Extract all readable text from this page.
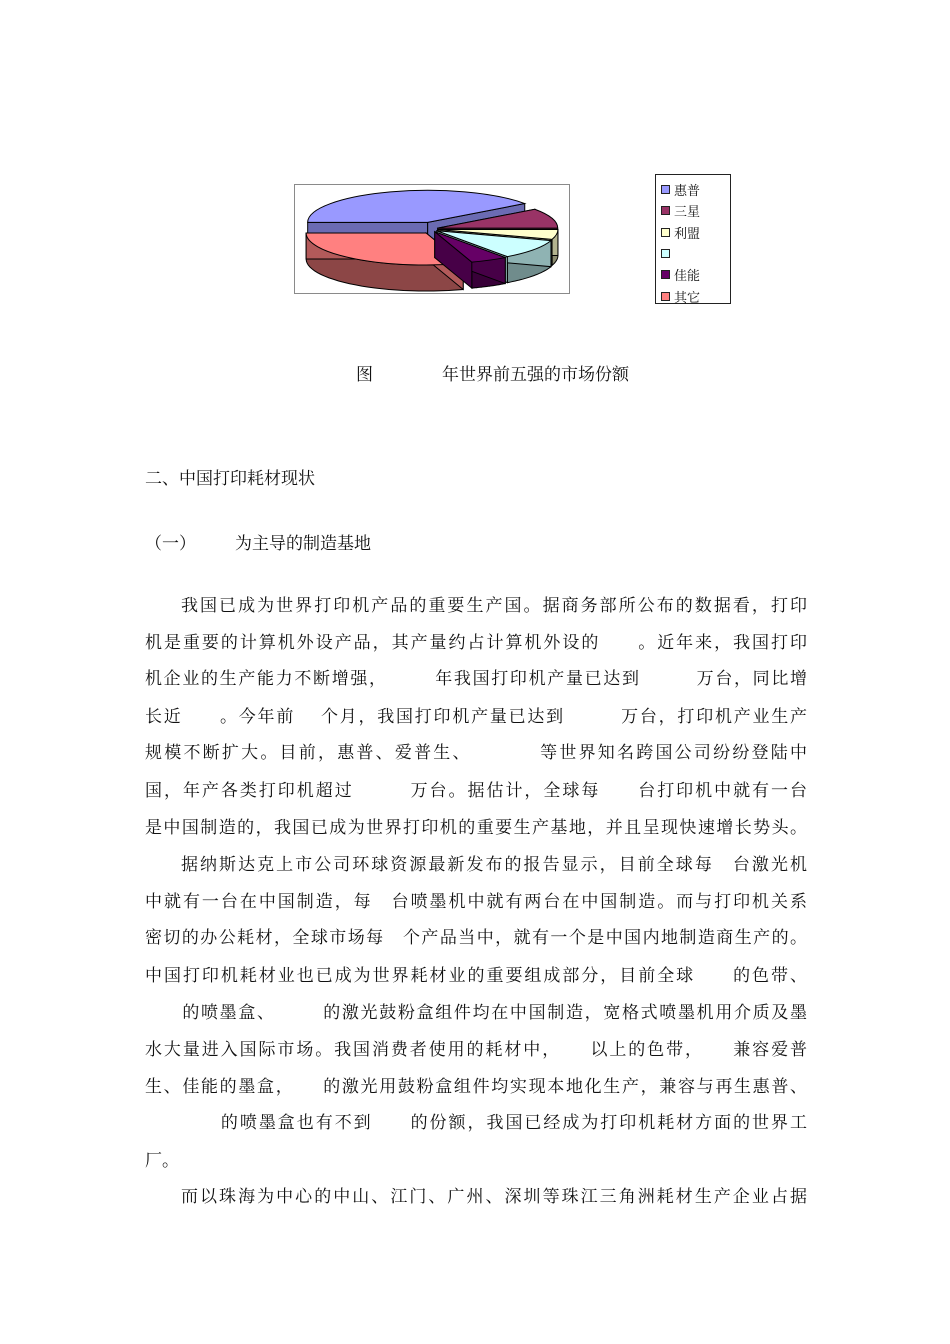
惠普
三星
利盟
佳能
其它
图	年世界前五强的市场份额
二、中国打印耗材现状
（一） 为主导的制造基地
我国已成为世界打印机产品的重要生产国。据商务部所公布的数据看，打印
机是重要的计算机外设产品，其产量约占计算机外设的　　。近年来，我国打印
机企业的生产能力不断增强，　　　年我国打印机产量已达到　　　万台，同比增
长近　　。今年前　 个月，我国打印机产量已达到　　　万台，打印机产业生产
规模不断扩大。目前，惠普、爱普生、　　　　等世界知名跨国公司纷纷登陆中
国，年产各类打印机超过　　　万台。据估计，全球每　　台打印机中就有一台
是中国制造的，我国已成为世界打印机的重要生产基地，并且呈现快速增长势头。
据纳斯达克上市公司环球资源最新发布的报告显示，目前全球每　台激光机
中就有一台在中国制造，每　台喷墨机中就有两台在中国制造。而与打印机关系
密切的办公耗材，全球市场每　个产品当中，就有一个是中国内地制造商生产的。
中国打印机耗材业也已成为世界耗材业的重要组成部分，目前全球　　的色带、
　　的喷墨盒、　　　的激光鼓粉盒组件均在中国制造，宽格式喷墨机用介质及墨
水大量进入国际市场。我国消费者使用的耗材中，　　以上的色带，　　兼容爱普
生、佳能的墨盒，　　的激光用鼓粉盒组件均实现本地化生产，兼容与再生惠普、
　　　　的喷墨盒也有不到　　的份额，我国已经成为打印机耗材方面的世界工
厂。
而以珠海为中心的中山、江门、广州、深圳等珠江三角洲耗材生产企业占据
